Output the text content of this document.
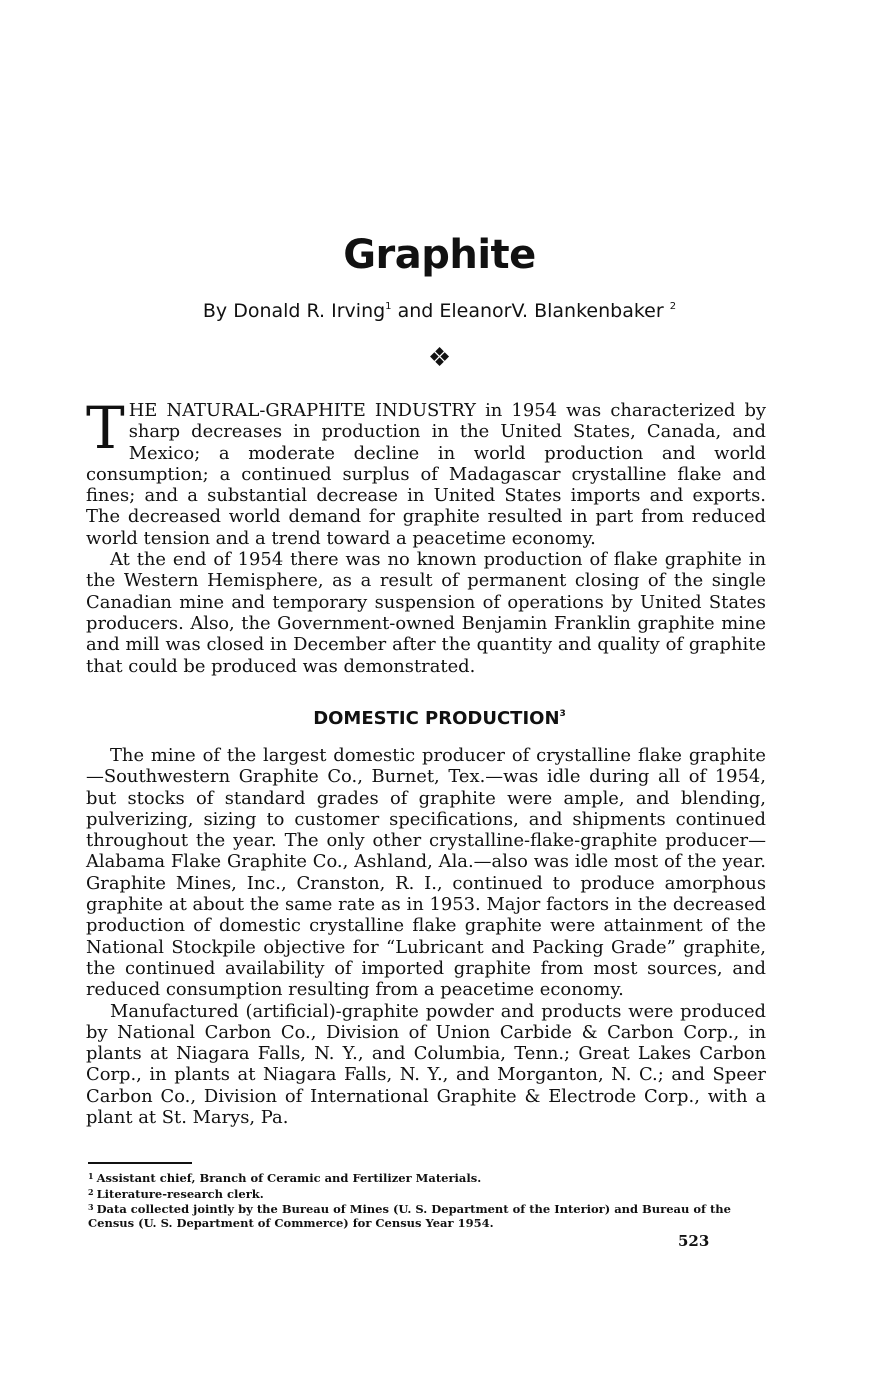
Graphite
By Donald R. Irving$^1$ and EleanorV. Blankenbaker $^2$
❖

THE NATURAL-GRAPHITE INDUSTRY in 1954 was characterized by sharp decreases in production in the United States, Canada, and Mexico; a moderate decline in world production and world consumption; a continued surplus of Madagascar crystalline flake and fines; and a substantial decrease in United States imports and exports. The decreased world demand for graphite resulted in part from reduced world tension and a trend toward a peacetime economy.

At the end of 1954 there was no known production of flake graphite in the Western Hemisphere, as a result of permanent closing of the single Canadian mine and temporary suspension of operations by United States producers. Also, the Government-owned Benjamin Franklin graphite mine and mill was closed in December after the quantity and quality of graphite that could be produced was demonstrated.

DOMESTIC PRODUCTION$^3$

The mine of the largest domestic producer of crystalline flake graphite—Southwestern Graphite Co., Burnet, Tex.—was idle during all of 1954, but stocks of standard grades of graphite were ample, and blending, pulverizing, sizing to customer specifications, and shipments continued throughout the year. The only other crystalline-flake-graphite producer—Alabama Flake Graphite Co., Ashland, Ala.—also was idle most of the year. Graphite Mines, Inc., Cranston, R. I., continued to produce amorphous graphite at about the same rate as in 1953. Major factors in the decreased production of domestic crystalline flake graphite were attainment of the National Stockpile objective for “Lubricant and Packing Grade” graphite, the continued availability of imported graphite from most sources, and reduced consumption resulting from a peacetime economy.

Manufactured (artificial)-graphite powder and products were produced by National Carbon Co., Division of Union Carbide & Carbon Corp., in plants at Niagara Falls, N. Y., and Columbia, Tenn.; Great Lakes Carbon Corp., in plants at Niagara Falls, N. Y., and Morganton, N. C.; and Speer Carbon Co., Division of International Graphite & Electrode Corp., with a plant at St. Marys, Pa.

$^1$ Assistant chief, Branch of Ceramic and Fertilizer Materials.
$^2$ Literature-research clerk.
$^3$ Data collected jointly by the Bureau of Mines (U. S. Department of the Interior) and Bureau of the Census (U. S. Department of Commerce) for Census Year 1954.
523
